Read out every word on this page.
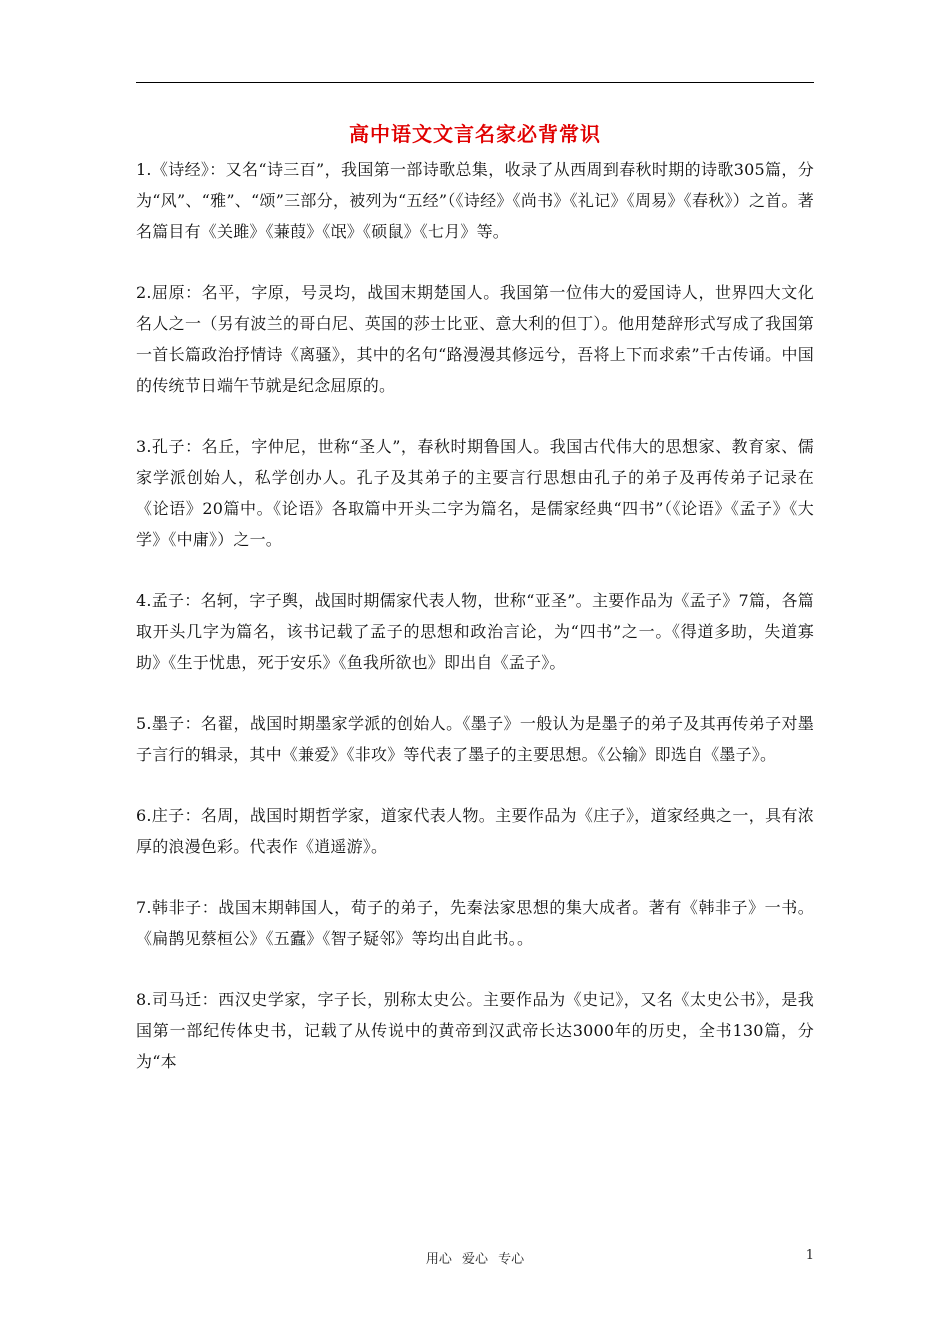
高中语文文言名家必背常识

1.《诗经》：又名“诗三百”，我国第一部诗歌总集，收录了从西周到春秋时期的诗歌305篇，分为“风”、“雅”、“颂”三部分，被列为“五经”（《诗经》《尚书》《礼记》《周易》《春秋》）之首。著名篇目有《关雎》《蒹葭》《氓》《硕鼠》《七月》等。

2.屈原：名平，字原，号灵均，战国末期楚国人。我国第一位伟大的爱国诗人，世界四大文化名人之一（另有波兰的哥白尼、英国的莎士比亚、意大利的但丁）。他用楚辞形式写成了我国第一首长篇政治抒情诗《离骚》，其中的名句“路漫漫其修远兮，吾将上下而求索”千古传诵。中国的传统节日端午节就是纪念屈原的。

3.孔子：名丘，字仲尼，世称“圣人”，春秋时期鲁国人。我国古代伟大的思想家、教育家、儒家学派创始人，私学创办人。孔子及其弟子的主要言行思想由孔子的弟子及再传弟子记录在《论语》20篇中。《论语》各取篇中开头二字为篇名，是儒家经典“四书”（《论语》《孟子》《大学》《中庸》）之一。

4.孟子：名轲，字子舆，战国时期儒家代表人物，世称“亚圣”。主要作品为《孟子》7篇，各篇取开头几字为篇名，该书记载了孟子的思想和政治言论，为“四书”之一。《得道多助，失道寡助》《生于忧患，死于安乐》《鱼我所欲也》即出自《孟子》。

5.墨子：名翟，战国时期墨家学派的创始人。《墨子》一般认为是墨子的弟子及其再传弟子对墨子言行的辑录，其中《兼爱》《非攻》等代表了墨子的主要思想。《公输》即选自《墨子》。

6.庄子：名周，战国时期哲学家，道家代表人物。主要作品为《庄子》，道家经典之一，具有浓厚的浪漫色彩。代表作《逍遥游》。

7.韩非子：战国末期韩国人，荀子的弟子，先秦法家思想的集大成者。著有《韩非子》一书。《扁鹊见蔡桓公》《五蠹》《智子疑邻》等均出自此书。。

8.司马迁：西汉史学家，字子长，别称太史公。主要作品为《史记》，又名《太史公书》，是我国第一部纪传体史书，记载了从传说中的黄帝到汉武帝长达3000年的历史，全书130篇，分为“本

用心 爱心 专心	1
